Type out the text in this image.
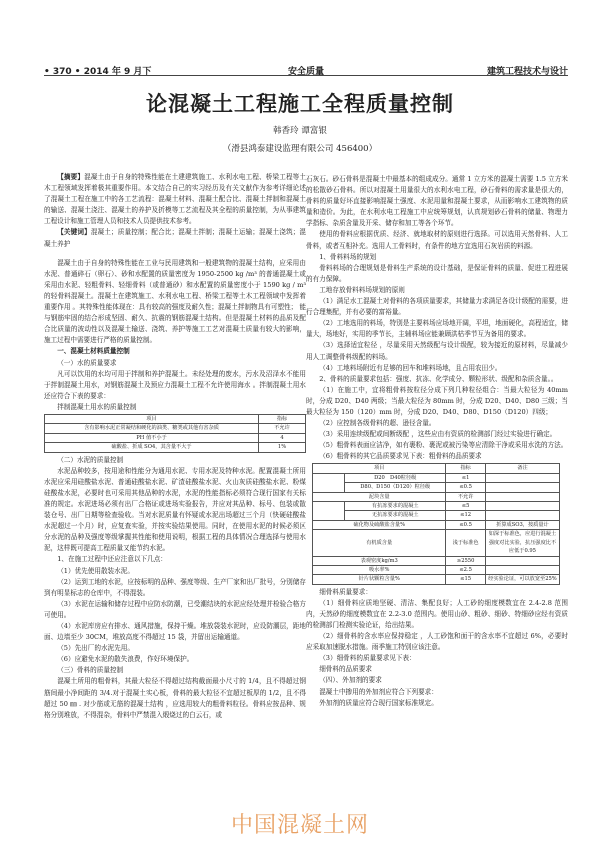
• 370 • 2014 年 9 月下	安全质量	建筑工程技术与设计
论混凝土工程施工全程质量控制
韩香玲 谭富银
（滑县鸿泰建设监理有限公司 456400）

【摘要】混凝土由于自身的特殊性能在土建建筑施工、水利水电工程、桥梁工程等土木工程领域发挥着极其重要作用。本文结合自己的实习经历及有关文献作为参考详细论述了混凝土工程在施工中的各工艺流程：混凝土材料、混凝土配合比、混凝土拌制和混凝土的输送、混凝土浇注、混凝土的养护及折模等工艺流程及其全程的质量控制，为从事建筑工程设计和施工管理人员和技术人员提供技术参考。

【关键词】混凝土；质量控制；配合比；混凝土拌制；混凝土运输；混凝土浇筑；混凝土养护

混凝土由于自身的特殊性能在工业与民用建筑和一般建筑物的混凝土结构，应采用由水泥、普通碎石（卵石）、砂和水配置的质量密度为 1950-2500 kg /m³ 的普通混凝土或采用由水泥、轻粗骨料、轻细骨料（或普通砂）和水配置的质量密度小于 1590 kg / m³ 的轻骨料混凝土。混凝土在建筑施工、水利水电工程、桥梁工程等土木工程领域中发挥着重要作用 。其特殊性能体现在：具有较高的强度及耐久性；混凝土拌制物具有可塑性； 能与钢筋牢固的结合形成坚固、耐久、抗震的钢筋混凝土结构。但是混凝土材料的品质及配合比质量的波动性以及混凝土输送、浇筑、养护等施工工艺对混凝土质量有较大的影响，施工过程中需要进行严格的质量控制。

一、混凝土材料质量控制

（一）水的质量要求

凡可以饮用的水均可用于拌制和养护混凝土。未经处理的废水，污水及沼泽水不能用于拌制混凝土用水，对钢筋混凝土及预应力混凝土工程不允许使用海水 。拌制混凝土用水还应符合下表的要求：

拌制混凝土用水的质量控制

项目	指标
含有影响水泥正常凝结和硬化的油类、糖类或其他有害杂质	不允许
PH 值不小于	4
硫酸盐、折成 SO4，其含量不大于	1%

（二）水泥的质量控制

水泥品种较多，按用途和性能分为通用水泥、专用水泥及特种水泥。配置混凝土所用水泥应采用硅酸盐水泥、普通硅酸盐水泥、矿渣硅酸盐水泥、火山灰质硅酸盐水泥、粉煤硅酸盐水泥，必要时也可采用其他品种的水泥，水泥的性能指标必须符合现行国家有关标准的规定。水泥进场必须有出厂合格证或进场实验报告，并应对其品种、标号、包装或散装仓号、出厂日期等检查验收。当对水泥质量有怀疑或水泥出场超过三个月（快硬硅酸盐水泥超过一个月）时，应复查实验，并按实验结果使用。同时，在使用水泥的时候必须区分水泥的品种及强度等级掌握其性能和使用说明，根据工程的具体情况合理选择与使用水泥，这样既可提高工程质量又能节约水泥。

1、在施工过程中还应注意以下几点：

（1）优先使用散装水泥。

（2）运到工地的水泥，应按标明的品种、强度等级、生产厂家和出厂批号，分别储存到有明显标志的仓库中，不得混装。

（3）水泥在运输和储存过程中应防水防潮，已受潮结块的水泥应经处理并检验合格方可使用。

（4）水泥库房应有排水、通风措施，保持干燥。堆放袋装水泥时，应设防潮层，距地面、边墙至少 30CM，堆放高度不得超过 15 袋，并留出运输通道。

（5）先出厂的水泥先用。

（6）应避免水泥的散失浪费，作好环境保护。

（三）骨料的质量控制

混凝土所用的粗骨料，其最大粒径不得超过结构截面最小尺寸的 1/4，且不得超过钢筋间最小净间距的 3/4.对于混凝土实心板，骨料的最大粒径不宜超过板厚的 1/2，且不得超过 50 ㎜ . 对少筋或无筋的混凝土结构 ，应选用较大的粗骨料粒径。骨料应按品种、规格分别堆放，不得混杂，骨料中严禁混入煅烧过的白云石，或

石灰石。砂石骨料是混凝土中最基本的组成成分。通常 1 立方米的混凝土需要 1.5 立方米的松散砂石骨料。所以对混凝土用量很大的水利水电工程，砂石骨料的需求量是很大的，骨料的质量好坏直接影响混凝土强度、水泥用量和混凝土要求，从而影响水工建筑物的质量和造价。为此，在水利水电工程施工中应统筹规划，认真规划砂石骨料的储量、物理力学指标、杂质含量及开采、储存和加工等各个环节。

使用的骨料应根据优质、经济、就地取材的原则进行选择。可以选用天然骨料、人工骨料，或者互相补充。选用人工骨料时，有条件的地方宜选用石灰岩质的料源。

1、骨料料场的规划

骨料料场的合理规划是骨料生产系统的设计基础，是保证骨料的质量、促进工程进展的有力保障。

工地存放骨料料场规划的原则

（1）满足水工混凝土对骨料的各项质量要求，其储量力求满足各设计级配的需要，进行合理集配，并有必要的富裕量。

（2）工地选用的料场，特别是主要料场应场地开阔，平坦，地面硬化，高程适宜，储量大，场地好，实用的季节长，主辅料场应能兼顾洪枯季节互为备用的要求。

（3）选择适宜粒径 ，尽量采用天然级配与设计级配，较为接近的原材料，尽量减少用人工调整骨料级配的料场。

（4）工地料场附近有足够的回车和堆料场地，且占用农田少。

2、骨料的质量要求包括：强度、抗冻、化学成分、颗粒形状、级配和杂质含量。。

（1）在施工中，宜将粗骨料按粒径分成下列几种粒径组合：当最大粒径为 40mm 时，分成 D20、D40 两级；当最大粒径为 80mm 时，分成 D20、D40、D80 三级；当最大粒径为 150（120）mm 时，分成 D20、D40、D80、D150（D120）四级；

（2）应控制各级骨料的超、逊径含量。

（3）采用连续级配或间断级配 ，这些应由有资质的检测部门经过实验进行确定。

（5）粗骨料表面应洁净，如有裹粉、裹泥或被污染等应清除干净或采用水洗的方法。

（6）粗骨料的其它品质要求见下表：粗骨料的品质要求

项目		指标	备注
	D20　D40粒径级	≤1	
	D80、D150（D120）粒径级	≤0.5	
泥块含量		不允许	
	有抗冻要求的混凝土	≤5	
	无抗冻要求的混凝土	≤12	
硫化物及硫酸盐含量%		≤0.5	折算成SO3，按质量计
有机质含量		浅于标准色	如深于标准色，应进行混凝土强度对比实验，抗压强度比不应低于0.95
表观密度kg/m3		≥2550	
吸水率%		≤2.5	
针片状颗粒含量%		≤15	经实验论证，可以放宽至25%

细骨料质量要求：

（1）细骨料应质地坚硬、清洁、集配良好；人工砂的细度模数宜在 2.4-2.8 范围内，天然砂的细度模数宜在 2.2-3.0 范围内。使用山砂、粗砂、细砂、特细砂应经有资质的检测部门检测实验论证，给出结果。

（2）细骨料的含水率应保持稳定 ，人工砂饱和面干的含水率不宜超过 6%，必要时应采取加速脱水措施。雨季施工特别应该注意。

（3）细骨料的质量要求见下表：

细骨料的品质要求

（四）、外加剂的要求

混凝土中掺用的外加剂应符合下列要求：

外加剂的质量应符合现行国家标准规定。

中国混凝土网
